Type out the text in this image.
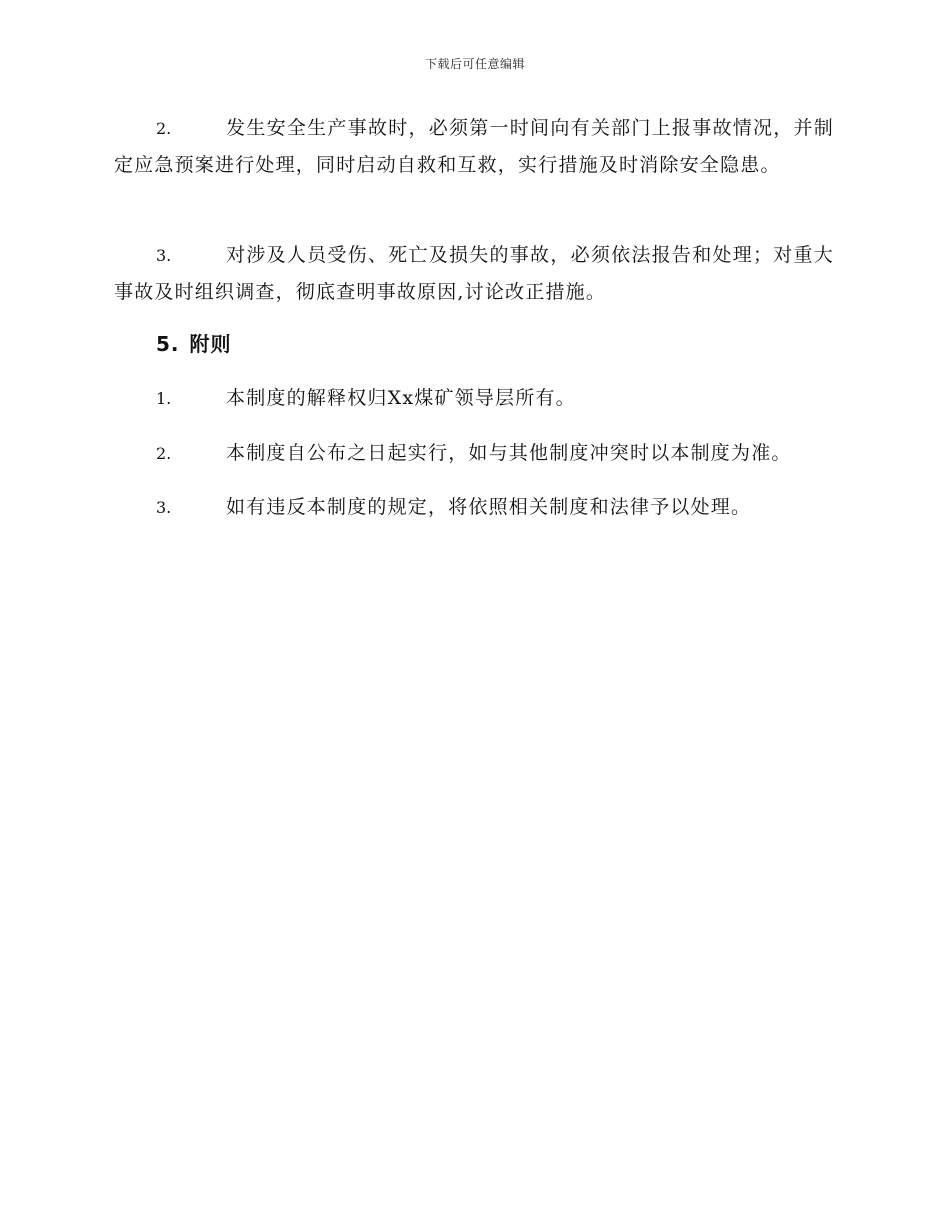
下载后可任意编辑
2.	发生安全生产事故时，必须第一时间向有关部门上报事故情况，并制定应急预案进行处理，同时启动自救和互救，实行措施及时消除安全隐患。
3.	对涉及人员受伤、死亡及损失的事故，必须依法报告和处理；对重大事故及时组织调查，彻底查明事故原因,讨论改正措施。
5. 附则
1.	本制度的解释权归Xx煤矿领导层所有。
2.	本制度自公布之日起实行，如与其他制度冲突时以本制度为准。
3.	如有违反本制度的规定，将依照相关制度和法律予以处理。
